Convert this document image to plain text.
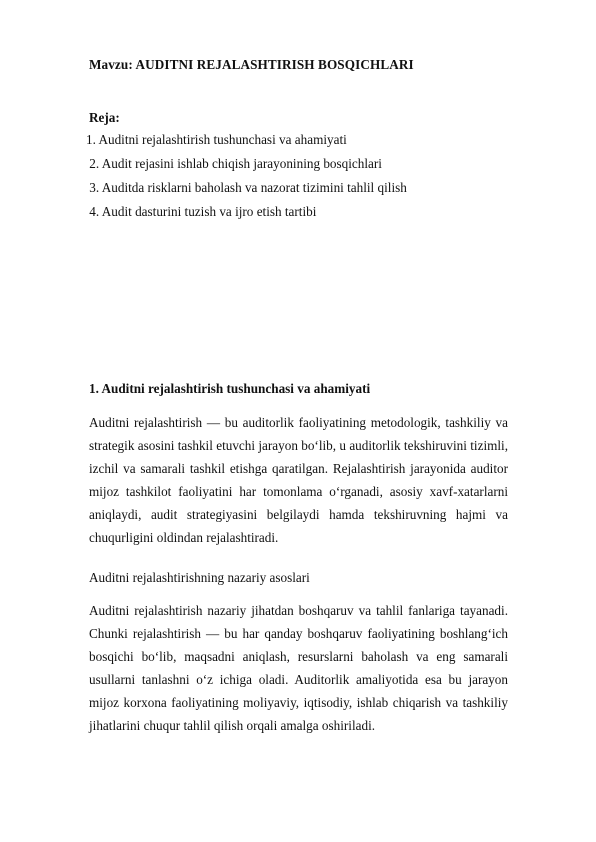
Mavzu: AUDITNI REJALASHTIRISH BOSQICHLARI
Reja:
1. Auditni rejalashtirish tushunchasi va ahamiyati
2. Audit rejasini ishlab chiqish jarayonining bosqichlari
3. Auditda risklarni baholash va nazorat tizimini tahlil qilish
4. Audit dasturini tuzish va ijro etish tartibi
1. Auditni rejalashtirish tushunchasi va ahamiyati
Auditni rejalashtirish — bu auditorlik faoliyatining metodologik, tashkiliy va strategik asosini tashkil etuvchi jarayon bo‘lib, u auditorlik tekshiruvini tizimli, izchil va samarali tashkil etishga qaratilgan. Rejalashtirish jarayonida auditor mijoz tashkilot faoliyatini har tomonlama o‘rganadi, asosiy xavf-xatarlarni aniqlaydi, audit strategiyasini belgilaydi hamda tekshiruvning hajmi va chuqurligini oldindan rejalashtiradi.
Auditni rejalashtirishning nazariy asoslari
Auditni rejalashtirish nazariy jihatdan boshqaruv va tahlil fanlariga tayanadi. Chunki rejalashtirish — bu har qanday boshqaruv faoliyatining boshlang‘ich bosqichi bo‘lib, maqsadni aniqlash, resurslarni baholash va eng samarali usullarni tanlashni o‘z ichiga oladi. Auditorlik amaliyotida esa bu jarayon mijoz korxona faoliyatining moliyaviy, iqtisodiy, ishlab chiqarish va tashkiliy jihatlarini chuqur tahlil qilish orqali amalga oshiriladi.
